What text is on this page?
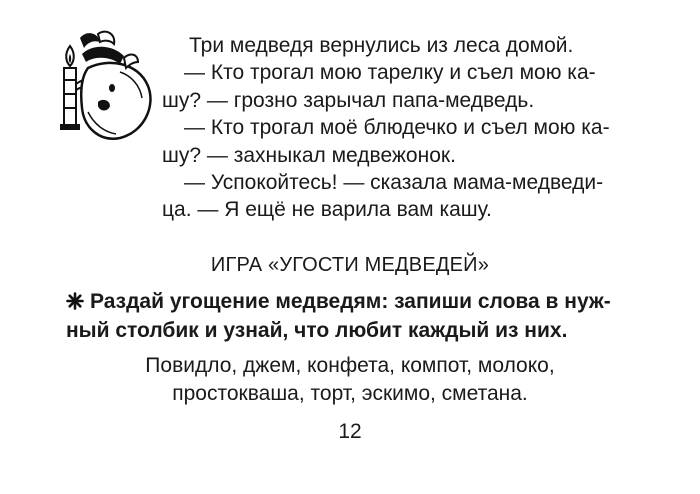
Три медведя вернулись из леса домой.
— Кто трогал мою тарелку и съел мою ка-
шу? — грозно зарычал папа-медведь.
— Кто трогал моё блюдечко и съел мою ка-
шу? — захныкал медвежонок.
— Успокойтесь! — сказала мама-медведи-
ца. — Я ещё не варила вам кашу.
ИГРА «УГОСТИ МЕДВЕДЕЙ»
Раздай угощение медведям: запиши слова в нуж-
ный столбик и узнай, что любит каждый из них.
Повидло, джем, конфета, компот, молоко,
простокваша, торт, эскимо, сметана.
12
